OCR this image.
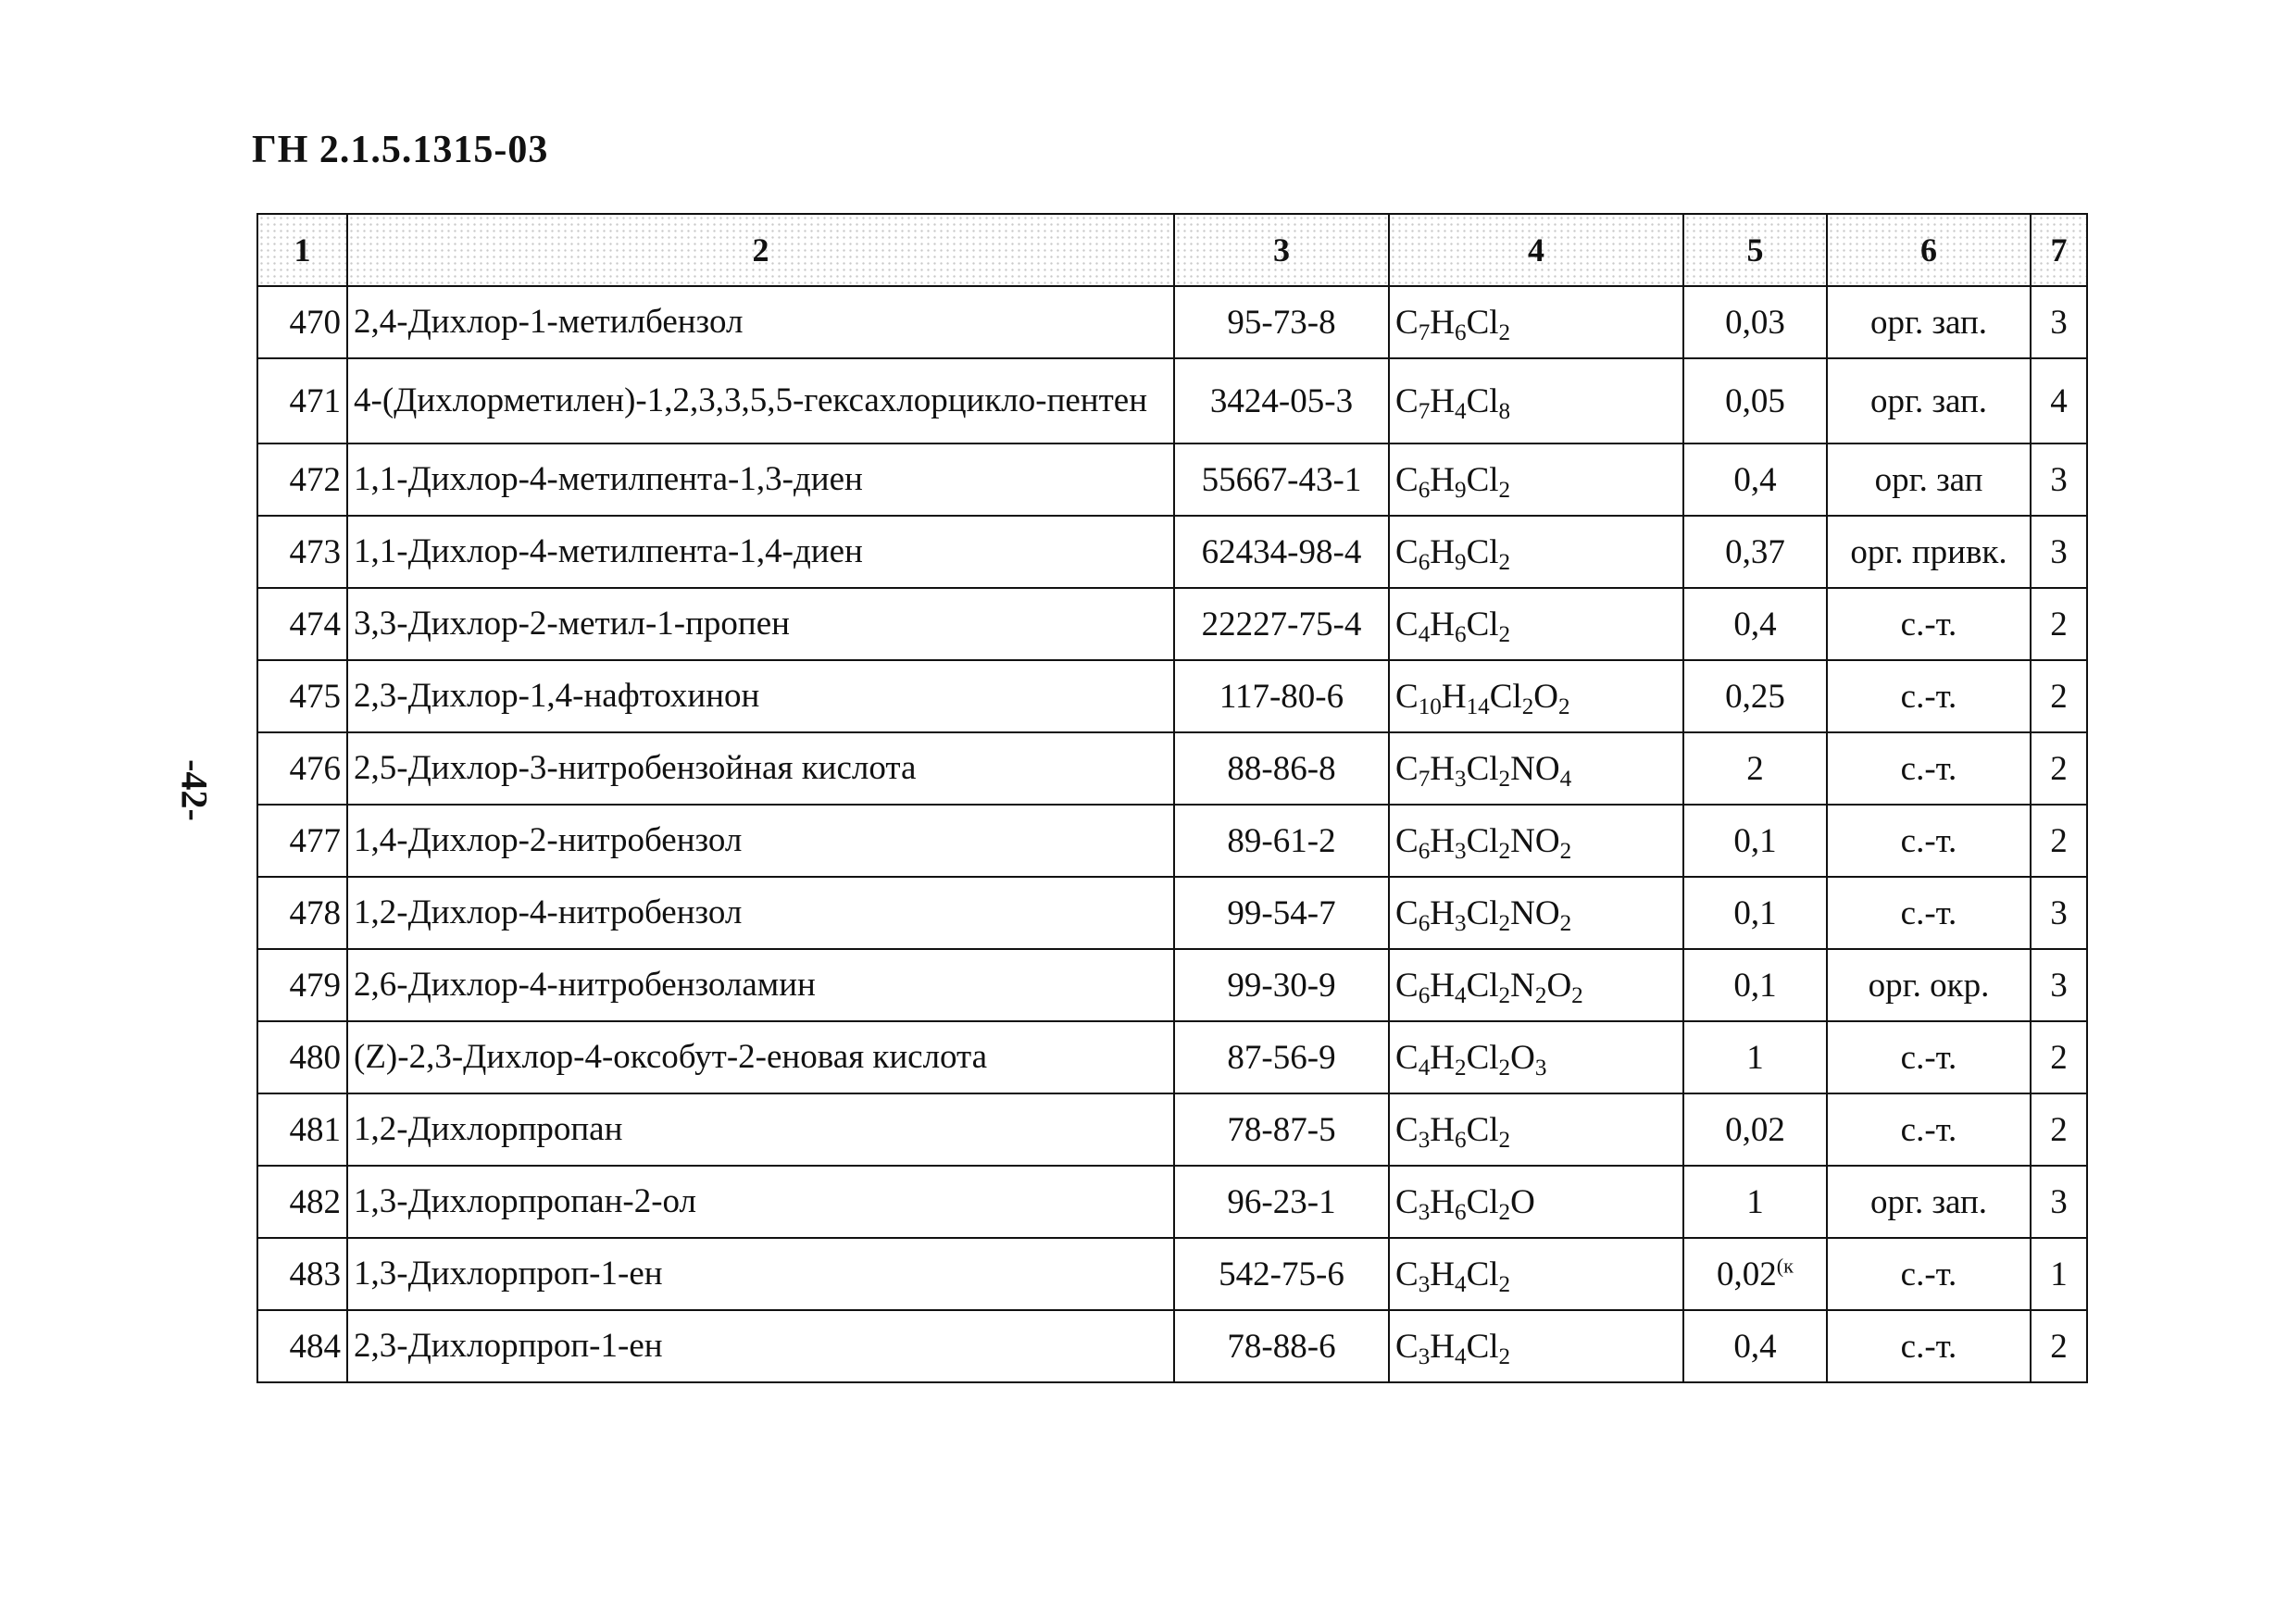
ГН 2.1.5.1315-03
-42-
1	2	3	4	5	6	7
470	2,4-Дихлор-1-метилбензол	95-73-8	$C_7H_6Cl_2$	0,03	орг. зап.	3
471	4-(Дихлорметилен)-1,2,3,3,5,5-гексахлорцикло-пентен	3424-05-3	$C_7H_4Cl_8$	0,05	орг. зап.	4
472	1,1-Дихлор-4-метилпента-1,3-диен	55667-43-1	$C_6H_9Cl_2$	0,4	орг. зап	3
473	1,1-Дихлор-4-метилпента-1,4-диен	62434-98-4	$C_6H_9Cl_2$	0,37	орг. привк.	3
474	3,3-Дихлор-2-метил-1-пропен	22227-75-4	$C_4H_6Cl_2$	0,4	с.-т.	2
475	2,3-Дихлор-1,4-нафтохинон	117-80-6	$C_{10}H_{14}Cl_2O_2$	0,25	с.-т.	2
476	2,5-Дихлор-3-нитробензойная кислота	88-86-8	$C_7H_3Cl_2NO_4$	2	с.-т.	2
477	1,4-Дихлор-2-нитробензол	89-61-2	$C_6H_3Cl_2NO_2$	0,1	с.-т.	2
478	1,2-Дихлор-4-нитробензол	99-54-7	$C_6H_3Cl_2NO_2$	0,1	с.-т.	3
479	2,6-Дихлор-4-нитробензоламин	99-30-9	$C_6H_4Cl_2N_2O_2$	0,1	орг. окр.	3
480	(Z)-2,3-Дихлор-4-оксобут-2-еновая кислота	87-56-9	$C_4H_2Cl_2O_3$	1	с.-т.	2
481	1,2-Дихлорпропан	78-87-5	$C_3H_6Cl_2$	0,02	с.-т.	2
482	1,3-Дихлорпропан-2-ол	96-23-1	$C_3H_6Cl_2O$	1	орг. зап.	3
483	1,3-Дихлорпроп-1-ен	542-75-6	$C_3H_4Cl_2$	$0,02^{(к}$	с.-т.	1
484	2,3-Дихлорпроп-1-ен	78-88-6	$C_3H_4Cl_2$	0,4	с.-т.	2
